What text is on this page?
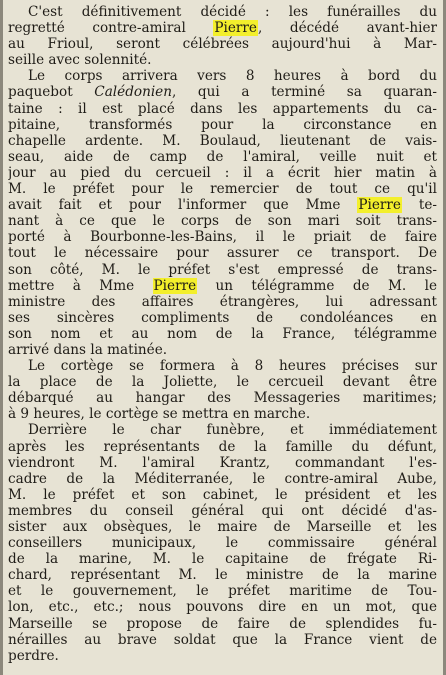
C'est définitivement décidé : les funérailles du
regretté contre-amiral Pierre, décédé avant-hier
au Frioul, seront célébrées aujourd'hui à Mar-
seille avec solennité.
Le corps arrivera vers 8 heures à bord du
paquebot Calédonien, qui a terminé sa quaran-
taine : il est placé dans les appartements du ca-
pitaine, transformés pour la circonstance en
chapelle ardente. M. Boulaud, lieutenant de vais-
seau, aide de camp de l'amiral, veille nuit et
jour au pied du cercueil : il a écrit hier matin à
M. le préfet pour le remercier de tout ce qu'il
avait fait et pour l'informer que Mme Pierre te-
nant à ce que le corps de son mari soit trans-
porté à Bourbonne-les-Bains, il le priait de faire
tout le nécessaire pour assurer ce transport. De
son côté, M. le préfet s'est empressé de trans-
mettre à Mme Pierre un télégramme de M. le
ministre des affaires étrangères, lui adressant
ses sincères compliments de condoléances en
son nom et au nom de la France, télégramme
arrivé dans la matinée.
Le cortège se formera à 8 heures précises sur
la place de la Joliette, le cercueil devant être
débarqué au hangar des Messageries maritimes;
à 9 heures, le cortège se mettra en marche.
Derrière le char funèbre, et immédiatement
après les représentants de la famille du défunt,
viendront M. l'amiral Krantz, commandant l'es-
cadre de la Méditerranée, le contre-amiral Aube,
M. le préfet et son cabinet, le président et les
membres du conseil général qui ont décidé d'as-
sister aux obsèques, le maire de Marseille et les
conseillers municipaux, le commissaire général
de la marine, M. le capitaine de frégate Ri-
chard, représentant M. le ministre de la marine
et le gouvernement, le préfet maritime de Tou-
lon, etc., etc.; nous pouvons dire en un mot, que
Marseille se propose de faire de splendides fu-
nérailles au brave soldat que la France vient de
perdre.
